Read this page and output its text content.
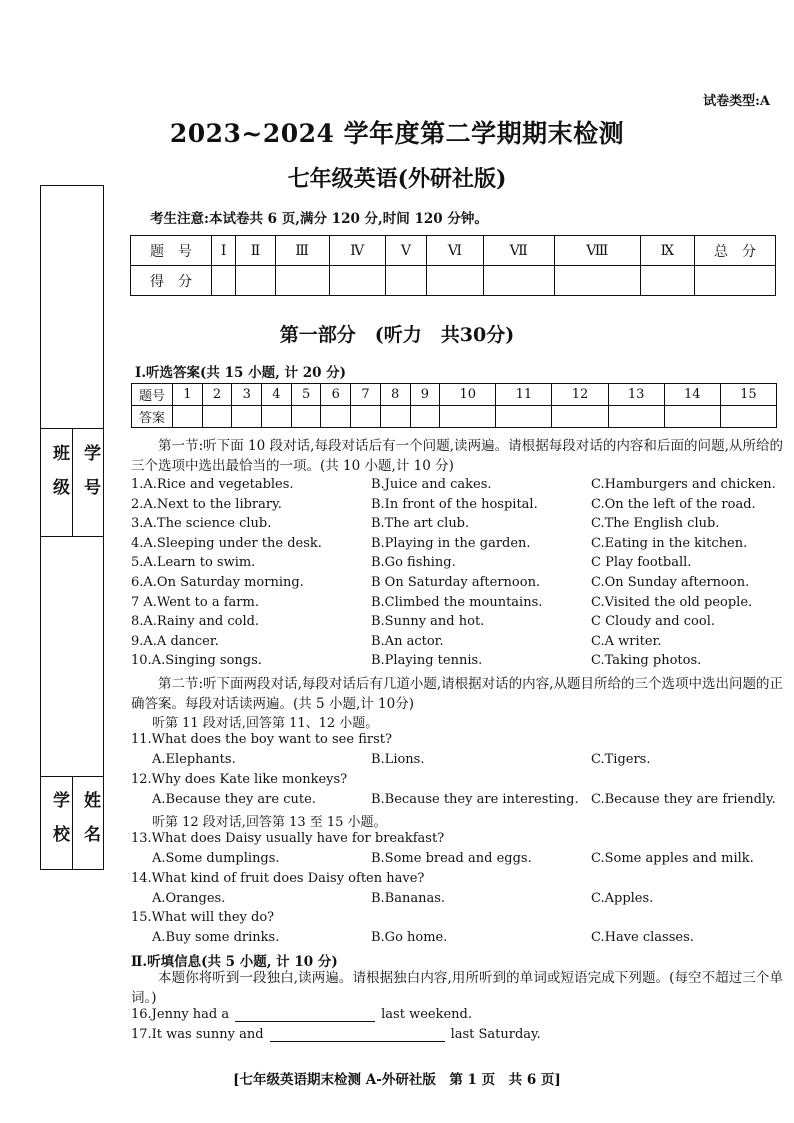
试卷类型:A
2023~2024 学年度第二学期期末检测
七年级英语(外研社版)
考生注意:本试卷共 6 页,满分 120 分,时间 120 分钟。
班　级 学　号
学　校 姓　名
题　号	Ⅰ	Ⅱ	Ⅲ	Ⅳ	Ⅴ	Ⅵ	Ⅶ	Ⅷ	Ⅸ	总　分
得　分										
第一部分　(听力　共30分)
Ⅰ.听选答案(共 15 小题, 计 20 分)
题号	1	2	3	4	5	6	7	8	9	10	11	12	13	14	15
答案															
第一节:听下面 10 段对话,每段对话后有一个问题,读两遍。请根据每段对话的内容和后面的问题,从所给的三个选项中选出最恰当的一项。(共 10 小题,计 10 分)
1.A.Rice and vegetables.	B.Juice and cakes.	C.Hamburgers and chicken.
2.A.Next to the library.	B.In front of the hospital.	C.On the left of the road.
3.A.The science club.	B.The art club.	C.The English club.
4.A.Sleeping under the desk.	B.Playing in the garden.	C.Eating in the kitchen.
5.A.Learn to swim.	B.Go fishing.	C Play football.
6.A.On Saturday morning.	B On Saturday afternoon.	C.On Sunday afternoon.
7 A.Went to a farm.	B.Climbed the mountains.	C.Visited the old people.
8.A.Rainy and cold.	B.Sunny and hot.	C Cloudy and cool.
9.A.A dancer.	B.An actor.	C.A writer.
10.A.Singing songs.	B.Playing tennis.	C.Taking photos.
第二节:听下面两段对话,每段对话后有几道小题,请根据对话的内容,从题目所给的三个选项中选出问题的正确答案。每段对话读两遍。(共 5 小题,计 10分)
听第 11 段对话,回答第 11、12 小题。
11.What does the boy want to see first?
A.Elephants.	B.Lions.	C.Tigers.
12.Why does Kate like monkeys?
A.Because they are cute.	B.Because they are interesting. C.Because they are friendly.
听第 12 段对话,回答第 13 至 15 小题。
13.What does Daisy usually have for breakfast?
A.Some dumplings.	B.Some bread and eggs.	C.Some apples and milk.
14.What kind of fruit does Daisy often have?
A.Oranges.	B.Bananas.	C.Apples.
15.What will they do?
A.Buy some drinks.	B.Go home.	C.Have classes.
Ⅱ.听填信息(共 5 小题, 计 10 分)
本题你将听到一段独白,读两遍。请根据独白内容,用所听到的单词或短语完成下列题。(每空不超过三个单词。)
16.Jenny had a	last weekend.
17.It was sunny and	last Saturday.
[七年级英语期末检测 A-外研社版　第 1 页　共 6 页]
